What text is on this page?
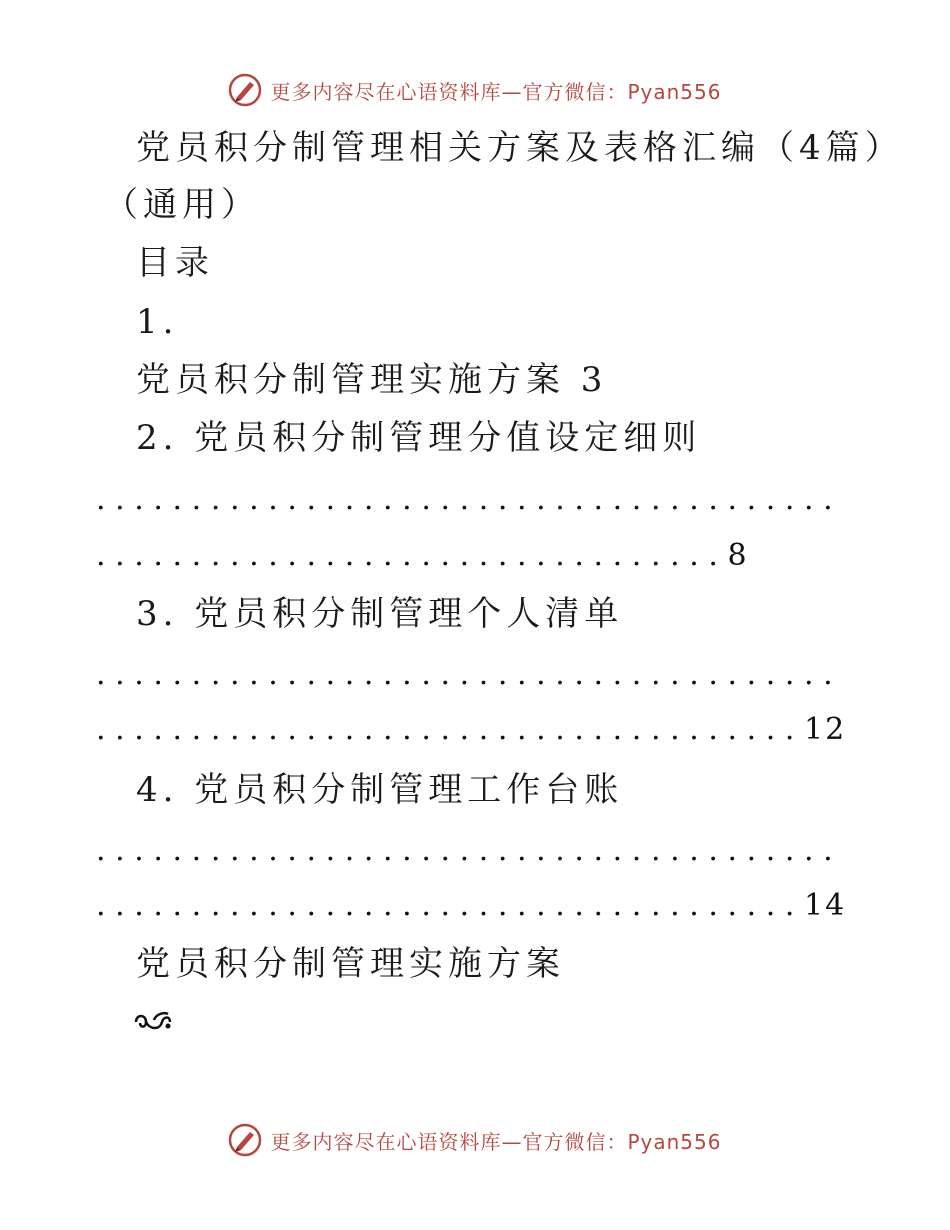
更多内容尽在心语资料库—官方微信：Pyan556
党员积分制管理相关方案及表格汇编（4篇）
（通用）
目录
1.
党员积分制管理实施方案 3
2. 党员积分制管理分值设定细则
.......................................
.................................8
3. 党员积分制管理个人清单
.......................................
.....................................12
4. 党员积分制管理工作台账
.......................................
.....................................14
党员积分制管理实施方案
更多内容尽在心语资料库—官方微信：Pyan556
